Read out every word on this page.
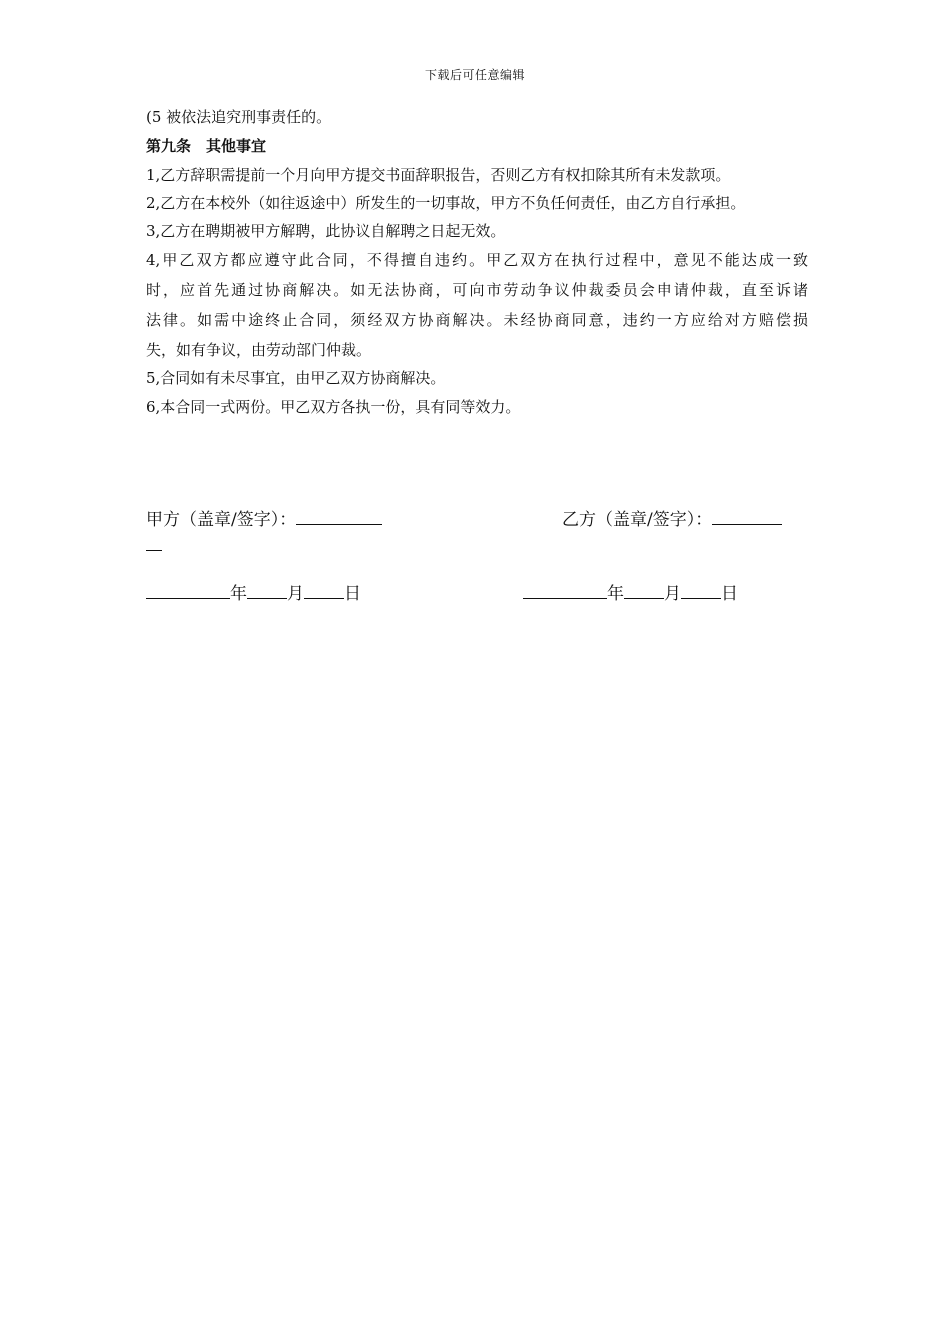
下载后可任意编辑
(5 被依法追究刑事责任的。
第九条　其他事宜
1,乙方辞职需提前一个月向甲方提交书面辞职报告，否则乙方有权扣除其所有未发款项。
2,乙方在本校外（如往返途中）所发生的一切事故，甲方不负任何责任，由乙方自行承担。
3,乙方在聘期被甲方解聘，此协议自解聘之日起无效。
4,甲乙双方都应遵守此合同，不得擅自违约。甲乙双方在执行过程中，意见不能达成一致
时，应首先通过协商解决。如无法协商，可向市劳动争议仲裁委员会申请仲裁，直至诉诸
法律。如需中途终止合同，须经双方协商解决。未经协商同意，违约一方应给对方赔偿损
失，如有争议，由劳动部门仲裁。
5,合同如有未尽事宜，由甲乙双方协商解决。
6,本合同一式两份。甲乙双方各执一份，具有同等效力。
甲方（盖章/签字）：	乙方（盖章/签字）：
年 月 日	年 月 日
